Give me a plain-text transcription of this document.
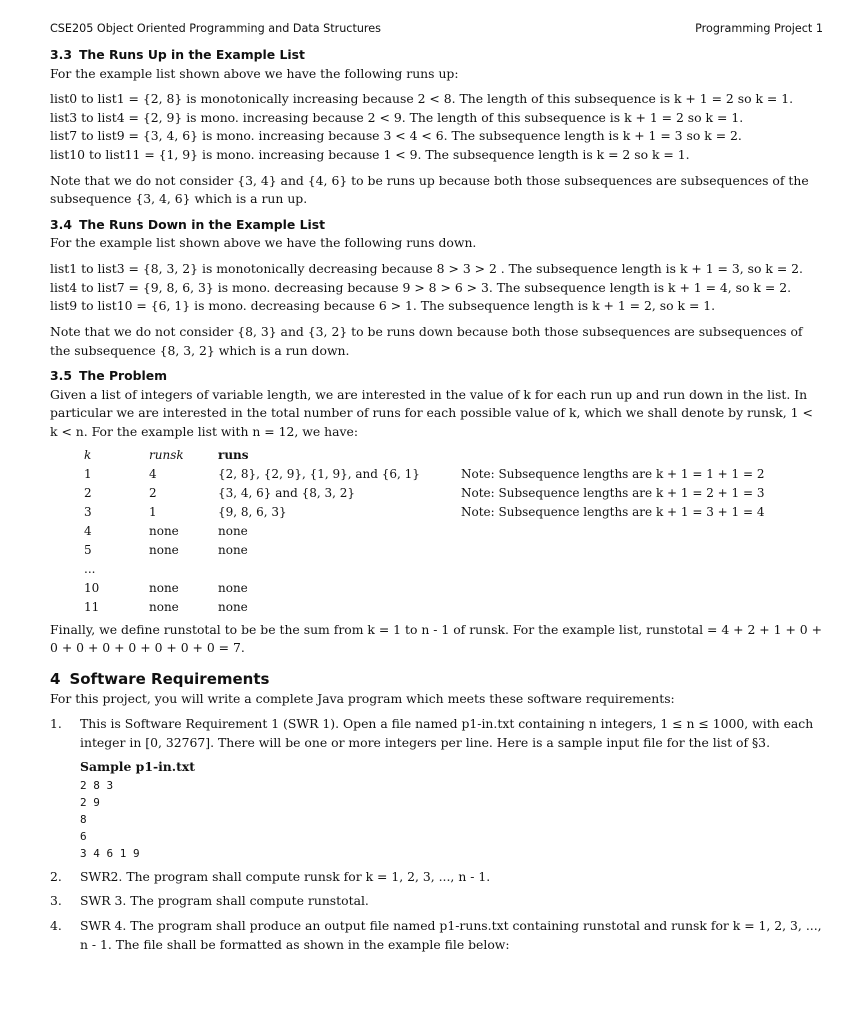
CSE205 Object Oriented Programming and Data Structures	Programming Project 1
3.3 The Runs Up in the Example List

For the example list shown above we have the following runs up:

list0 to list1 = {2, 8} is monotonically increasing because 2 < 8. The length of this subsequence is k + 1 = 2 so k = 1.

list3 to list4 = {2, 9} is mono. increasing because 2 < 9. The length of this subsequence is k + 1 = 2 so k = 1.

list7 to list9 = {3, 4, 6} is mono. increasing because 3 < 4 < 6. The subsequence length is k + 1 = 3 so k = 2.

list10 to list11 = {1, 9} is mono. increasing because 1 < 9. The subsequence length is k = 2 so k = 1.

Note that we do not consider {3, 4} and {4, 6} to be runs up because both those subsequences are subsequences of the subsequence {3, 4, 6} which is a run up.

3.4 The Runs Down in the Example List

For the example list shown above we have the following runs down.

list1 to list3 = {8, 3, 2} is monotonically decreasing because 8 > 3 > 2 . The subsequence length is k + 1 = 3, so k = 2.

list4 to list7 = {9, 8, 6, 3} is mono. decreasing because 9 > 8 > 6 > 3. The subsequence length is k + 1 = 4, so k = 2.

list9 to list10 = {6, 1} is mono. decreasing because 6 > 1. The subsequence length is k + 1 = 2, so k = 1.

Note that we do not consider {8, 3} and {3, 2} to be runs down because both those subsequences are subsequences of the subsequence {8, 3, 2} which is a run down.

3.5 The Problem

Given a list of integers of variable length, we are interested in the value of k for each run up and run down in the list. In particular we are interested in the total number of runs for each possible value of k, which we shall denote by runsk, 1 < k < n. For the example list with n = 12, we have:

k	runsk	runs	
1	4	{2, 8}, {2, 9}, {1, 9}, and {6, 1}	Note: Subsequence lengths are k + 1 = 1 + 1 = 2
2	2	{3, 4, 6} and {8, 3, 2}	Note: Subsequence lengths are k + 1 = 2 + 1 = 3
3	1	{9, 8, 6, 3}	Note: Subsequence lengths are k + 1 = 3 + 1 = 4
4	none	none	
5	none	none	
...			
10	none	none	
11	none	none	

Finally, we define runstotal to be be the sum from k = 1 to n - 1 of runsk. For the example list, runstotal = 4 + 2 + 1 + 0 + 0 + 0 + 0 + 0 + 0 + 0 + 0 = 7.

4 Software Requirements

For this project, you will write a complete Java program which meets these software requirements:

1.	This is Software Requirement 1 (SWR 1). Open a file named p1-in.txt containing n integers, 1 ≤ n ≤ 1000, with each integer in [0, 32767]. There will be one or more integers per line. Here is a sample input file for the list of §3.

Sample p1-in.txt
2 8 3
2 9
8
6
3 4 6 1 9
2.	SWR2. The program shall compute runsk for k = 1, 2, 3, ..., n - 1.

3.	SWR 3. The program shall compute runstotal.

4.	SWR 4. The program shall produce an output file named p1-runs.txt containing runstotal and runsk for k = 1, 2, 3, ..., n - 1. The file shall be formatted as shown in the example file below:
